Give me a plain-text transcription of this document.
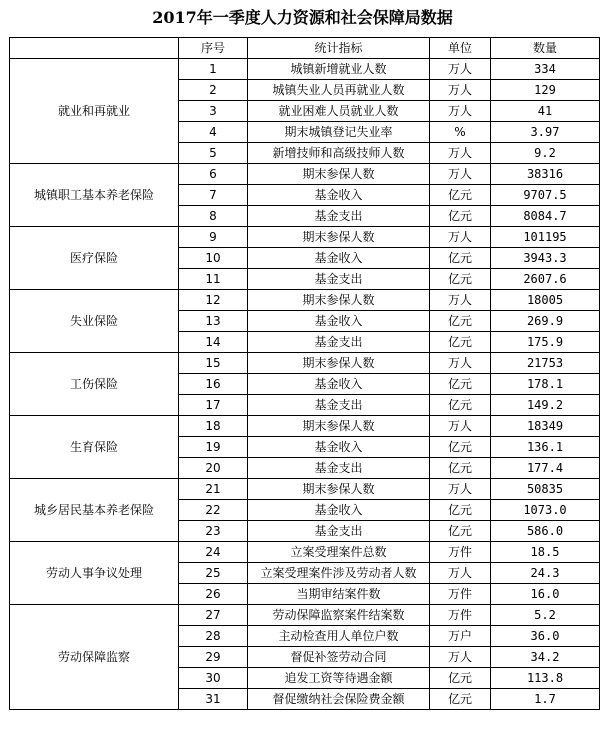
2017年一季度人力资源和社会保障局数据
	序号	统计指标	单位	数量
就业和再就业	1	城镇新增就业人数	万人	334
	2	城镇失业人员再就业人数	万人	129
	3	就业困难人员就业人数	万人	41
	4	期末城镇登记失业率	%	3.97
	5	新增技师和高级技师人数	万人	9.2
城镇职工基本养老保险	6	期末参保人数	万人	38316
	7	基金收入	亿元	9707.5
	8	基金支出	亿元	8084.7
医疗保险	9	期末参保人数	万人	101195
	10	基金收入	亿元	3943.3
	11	基金支出	亿元	2607.6
失业保险	12	期末参保人数	万人	18005
	13	基金收入	亿元	269.9
	14	基金支出	亿元	175.9
工伤保险	15	期末参保人数	万人	21753
	16	基金收入	亿元	178.1
	17	基金支出	亿元	149.2
生育保险	18	期末参保人数	万人	18349
	19	基金收入	亿元	136.1
	20	基金支出	亿元	177.4
城乡居民基本养老保险	21	期末参保人数	万人	50835
	22	基金收入	亿元	1073.0
	23	基金支出	亿元	586.0
劳动人事争议处理	24	立案受理案件总数	万件	18.5
	25	立案受理案件涉及劳动者人数	万人	24.3
	26	当期审结案件数	万件	16.0
劳动保障监察	27	劳动保障监察案件结案数	万件	5.2
	28	主动检查用人单位户数	万户	36.0
	29	督促补签劳动合同	万人	34.2
	30	追发工资等待遇金额	亿元	113.8
	31	督促缴纳社会保险费金额	亿元	1.7
